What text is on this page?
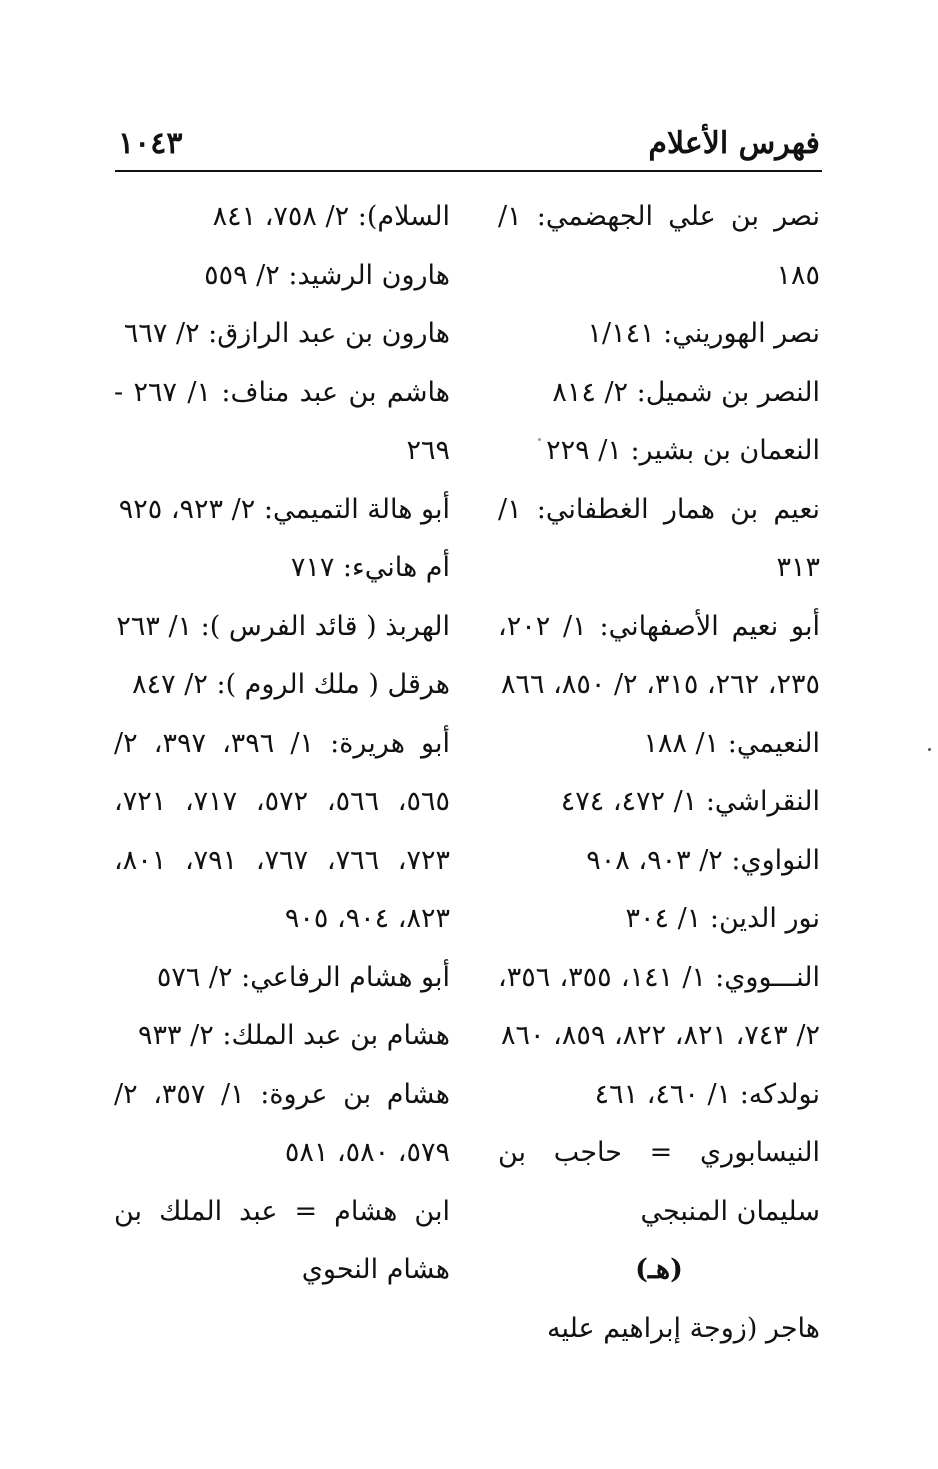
فهرس الأعلام
١٠٤٣

نصر بن علي الجهضمي: ١/ ١٨٥

نصر الهوريني: ١/١٤١

النصر بن شميل: ٢/ ٨١٤

النعمان بن بشير: ١/ ٢٢٩

نعيم بن همار الغطفاني: ١/ ٣١٣

أبو نعيم الأصفهاني: ١/ ٢٠٢، ٢٣٥، ٢٦٢، ٣١٥، ٢/ ٨٥٠، ٨٦٦

النعيمي: ١/ ١٨٨

النقراشي: ١/ ٤٧٢، ٤٧٤

النواوي: ٢/ ٩٠٣، ٩٠٨

نور الدين: ١/ ٣٠٤

النـــووي: ١/ ١٤١، ٣٥٥، ٣٥٦، ٢/ ٧٤٣، ٨٢١، ٨٢٢، ٨٥٩، ٨٦٠

نولدكه: ١/ ٤٦٠، ٤٦١

النيسابوري = حاجب بن سليمان المنبجي

(هـ)

هاجر (زوجة إبراهيم عليه

السلام): ٢/ ٧٥٨، ٨٤١

هارون الرشيد: ٢/ ٥٥٩

هارون بن عبد الرازق: ٢/ ٦٦٧

هاشم بن عبد مناف: ١/ ٢٦٧ - ٢٦٩

أبو هالة التميمي: ٢/ ٩٢٣، ٩٢٥

أم هانيء: ٧١٧

الهربذ ( قائد الفرس ): ١/ ٢٦٣

هرقل ( ملك الروم ): ٢/ ٨٤٧

أبو هريرة: ١/ ٣٩٦، ٣٩٧، ٢/ ٥٦٥، ٥٦٦، ٥٧٢، ٧١٧، ٧٢١، ٧٢٣، ٧٦٦، ٧٦٧، ٧٩١، ٨٠١، ٨٢٣، ٩٠٤، ٩٠٥

أبو هشام الرفاعي: ٢/ ٥٧٦

هشام بن عبد الملك: ٢/ ٩٣٣

هشام بن عروة: ١/ ٣٥٧، ٢/ ٥٧٩، ٥٨٠، ٥٨١

ابن هشام = عبد الملك بن هشام النحوي
